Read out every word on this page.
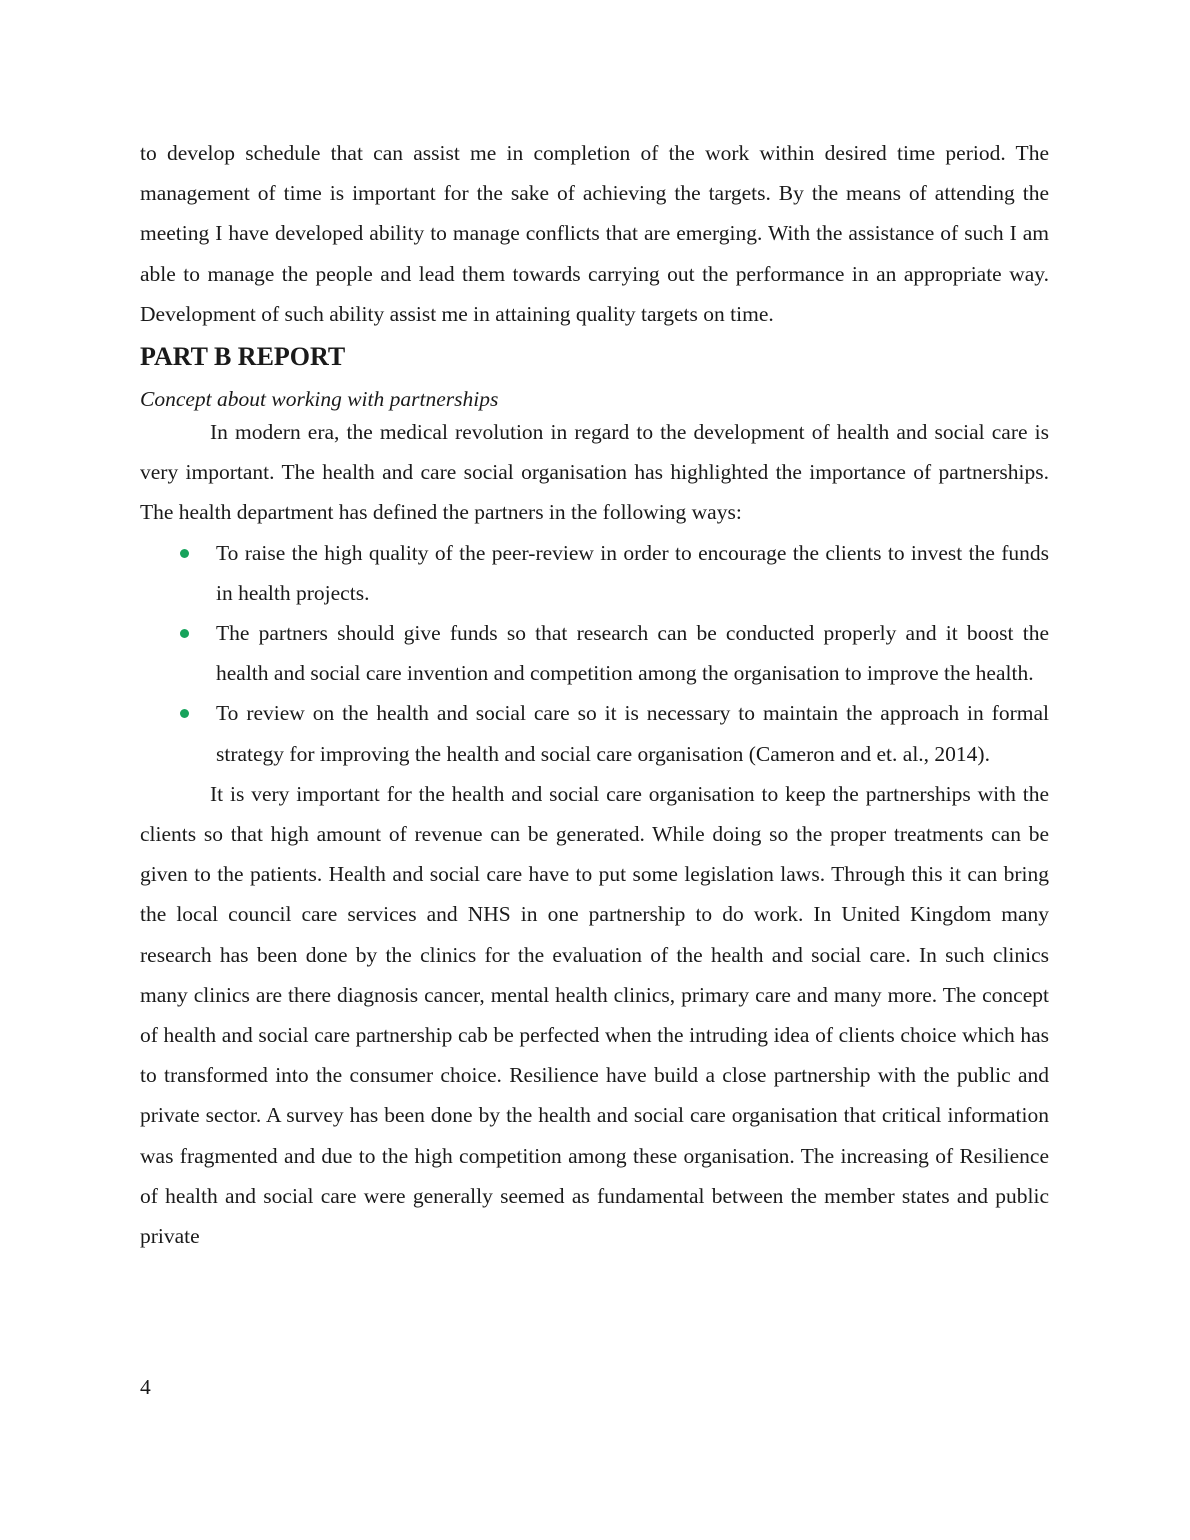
to develop schedule that can assist me in completion of the work within desired time period. The management of time is important for the sake of achieving the targets. By the means of attending the meeting I have developed ability to manage conflicts that are emerging. With the assistance of such I am able to manage the people and lead them towards carrying out the performance in an appropriate way. Development of such ability assist me in attaining quality targets on time.

PART B REPORT
Concept about working with partnerships

In modern era, the medical revolution in regard to the development of health and social care is very important. The health and care social organisation has highlighted the importance of partnerships. The health department has defined the partners in the following ways:

To raise the high quality of the peer-review in order to encourage the clients to invest the funds in health projects.

The partners should give funds so that research can be conducted properly and it boost the health and social care invention and competition among the organisation to improve the health.

To review on the health and social care so it is necessary to maintain the approach in formal strategy for improving the health and social care organisation (Cameron and et. al., 2014).

It is very important for the health and social care organisation to keep the partnerships with the clients so that high amount of revenue can be generated. While doing so the proper treatments can be given to the patients. Health and social care have to put some legislation laws. Through this it can bring the local council care services and NHS in one partnership to do work. In United Kingdom many research has been done by the clinics for the evaluation of the health and social care. In such clinics many clinics are there diagnosis cancer, mental health clinics, primary care and many more. The concept of health and social care partnership cab be perfected when the intruding idea of clients choice which has to transformed into the consumer choice. Resilience have build a close partnership with the public and private sector. A survey has been done by the health and social care organisation that critical information was fragmented and due to the high competition among these organisation. The increasing of Resilience of health and social care were generally seemed as fundamental between the member states and public private

4
